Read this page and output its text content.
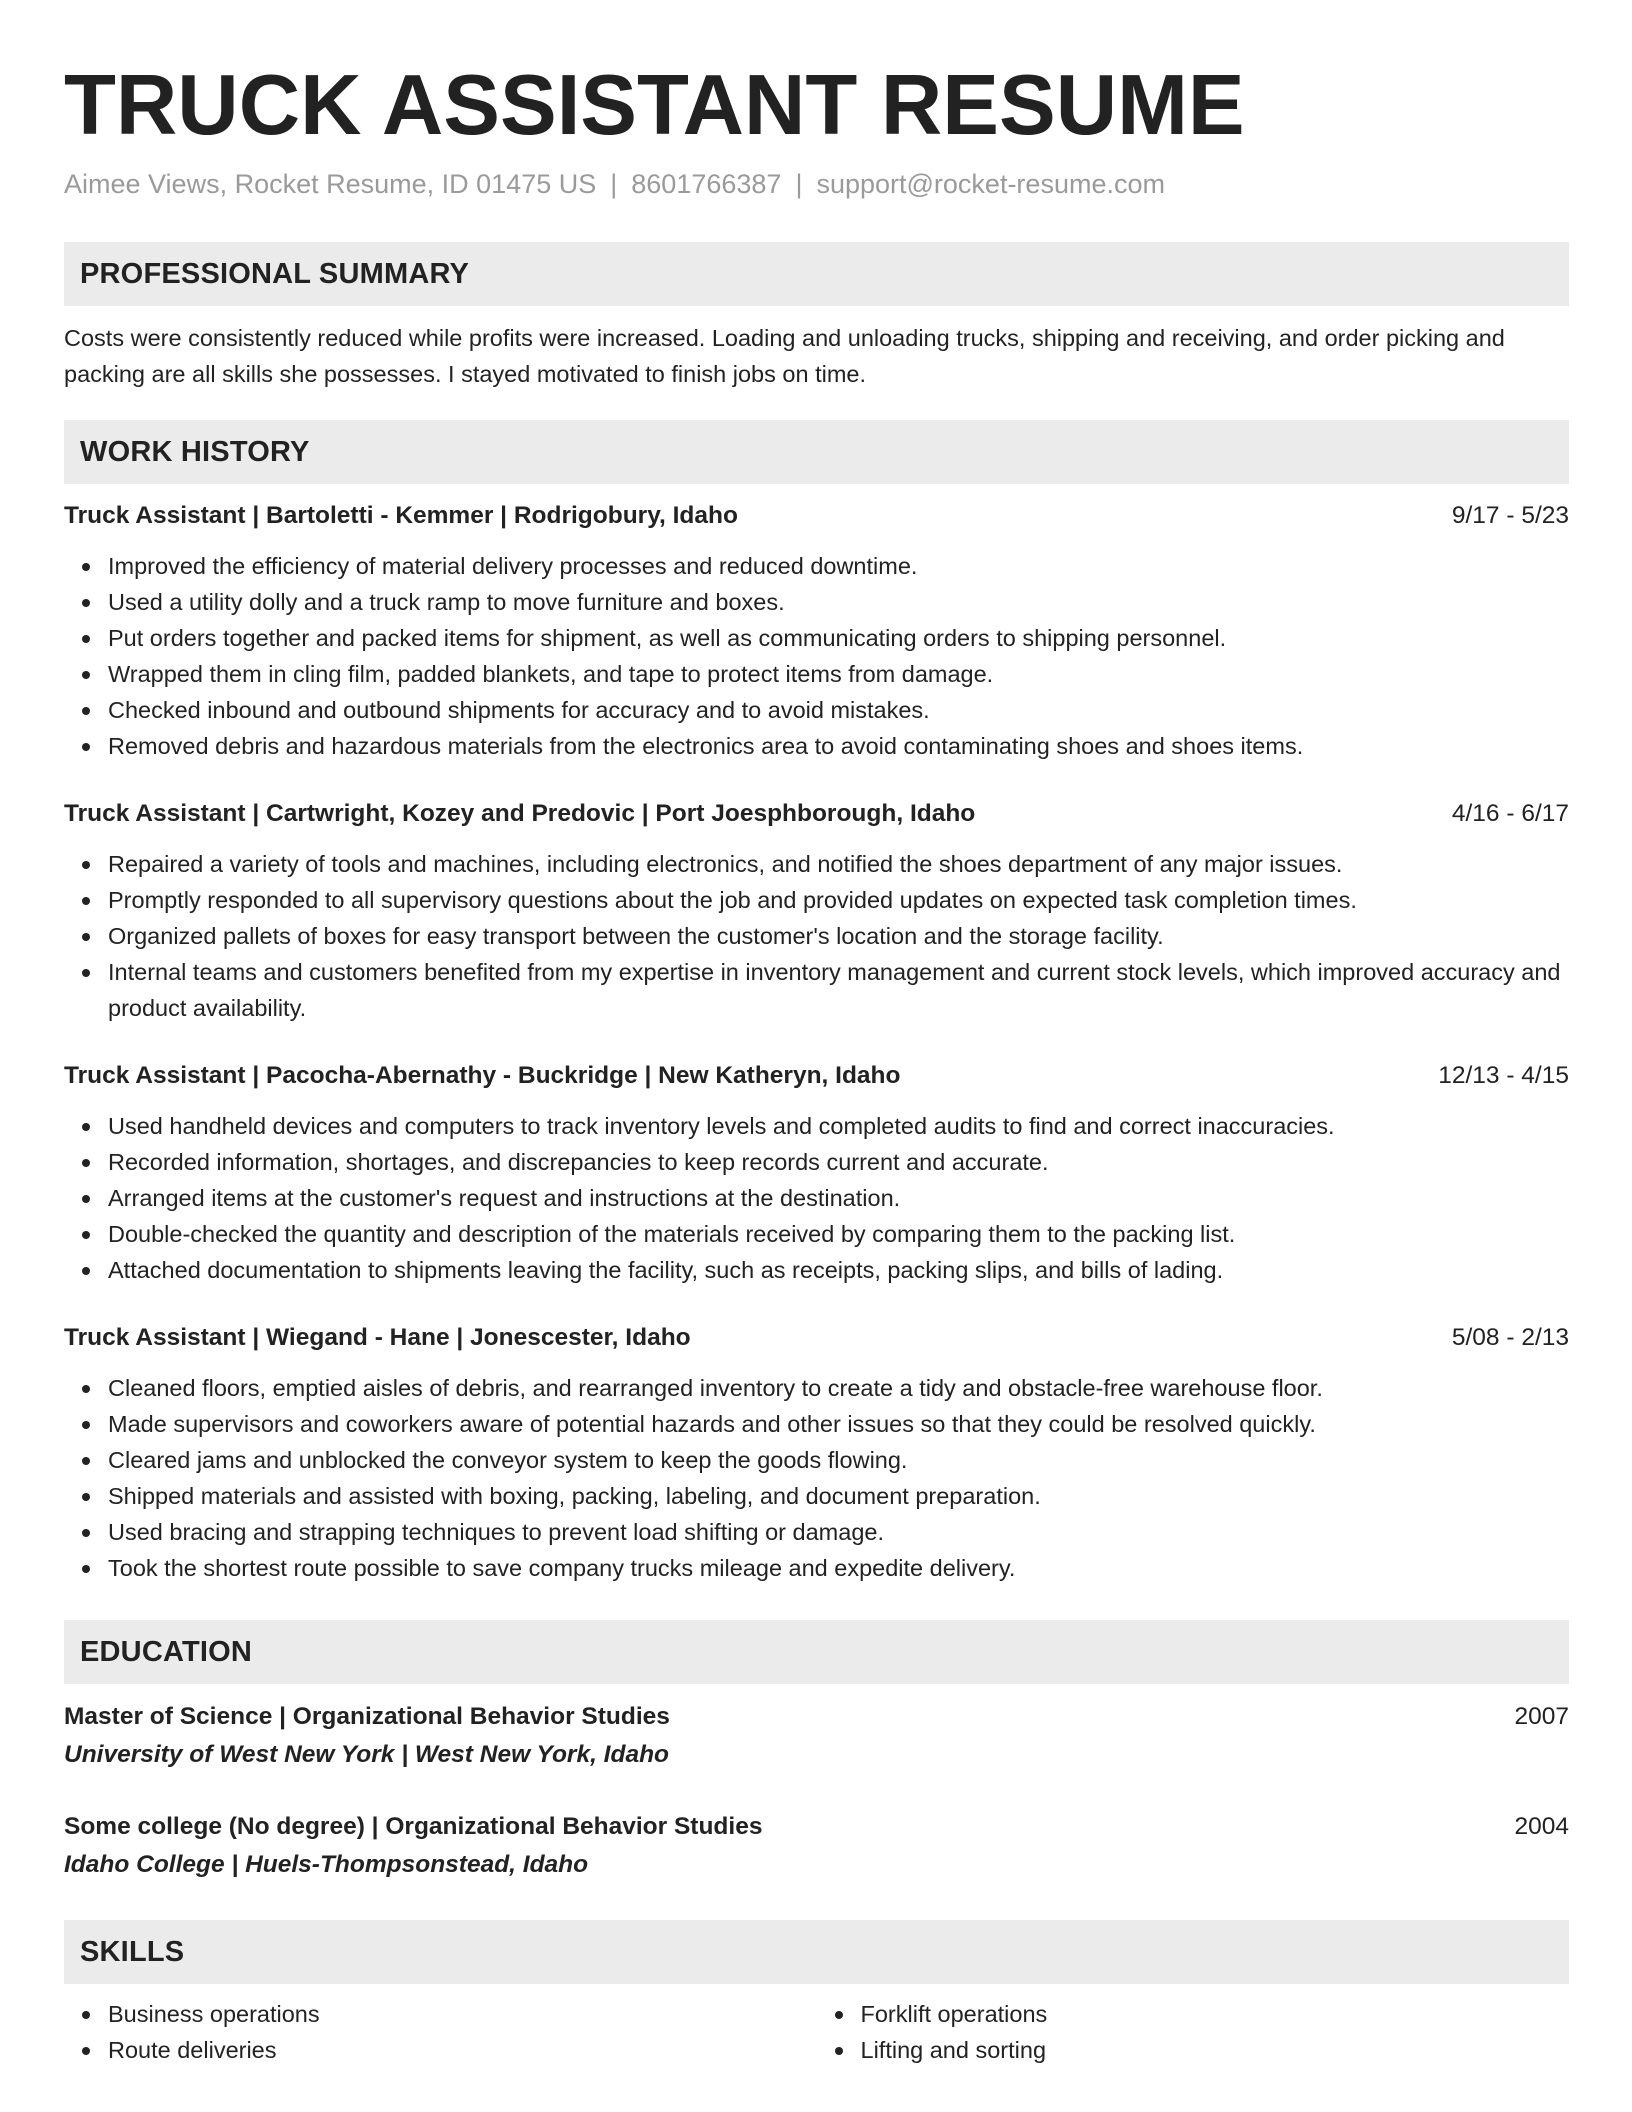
TRUCK ASSISTANT RESUME
Aimee Views, Rocket Resume, ID 01475 US | 8601766387 | support@rocket-resume.com
PROFESSIONAL SUMMARY

Costs were consistently reduced while profits were increased. Loading and unloading trucks, shipping and receiving, and order picking and packing are all skills she possesses. I stayed motivated to finish jobs on time.

WORK HISTORY
Truck Assistant | Bartoletti - Kemmer | Rodrigobury, Idaho	9/17 - 5/23
Improved the efficiency of material delivery processes and reduced downtime.
Used a utility dolly and a truck ramp to move furniture and boxes.
Put orders together and packed items for shipment, as well as communicating orders to shipping personnel.
Wrapped them in cling film, padded blankets, and tape to protect items from damage.
Checked inbound and outbound shipments for accuracy and to avoid mistakes.
Removed debris and hazardous materials from the electronics area to avoid contaminating shoes and shoes items.
Truck Assistant | Cartwright, Kozey and Predovic | Port Joesphborough, Idaho	4/16 - 6/17
Repaired a variety of tools and machines, including electronics, and notified the shoes department of any major issues.
Promptly responded to all supervisory questions about the job and provided updates on expected task completion times.
Organized pallets of boxes for easy transport between the customer's location and the storage facility.
Internal teams and customers benefited from my expertise in inventory management and current stock levels, which improved accuracy and product availability.
Truck Assistant | Pacocha-Abernathy - Buckridge | New Katheryn, Idaho	12/13 - 4/15
Used handheld devices and computers to track inventory levels and completed audits to find and correct inaccuracies.
Recorded information, shortages, and discrepancies to keep records current and accurate.
Arranged items at the customer's request and instructions at the destination.
Double-checked the quantity and description of the materials received by comparing them to the packing list.
Attached documentation to shipments leaving the facility, such as receipts, packing slips, and bills of lading.
Truck Assistant | Wiegand - Hane | Jonescester, Idaho	5/08 - 2/13
Cleaned floors, emptied aisles of debris, and rearranged inventory to create a tidy and obstacle-free warehouse floor.
Made supervisors and coworkers aware of potential hazards and other issues so that they could be resolved quickly.
Cleared jams and unblocked the conveyor system to keep the goods flowing.
Shipped materials and assisted with boxing, packing, labeling, and document preparation.
Used bracing and strapping techniques to prevent load shifting or damage.
Took the shortest route possible to save company trucks mileage and expedite delivery.
EDUCATION
Master of Science | Organizational Behavior Studies	2007
University of West New York | West New York, Idaho
Some college (No degree) | Organizational Behavior Studies	2004
Idaho College | Huels-Thompsonstead, Idaho
SKILLS
Business operations
Route deliveries
Forklift operations
Lifting and sorting
